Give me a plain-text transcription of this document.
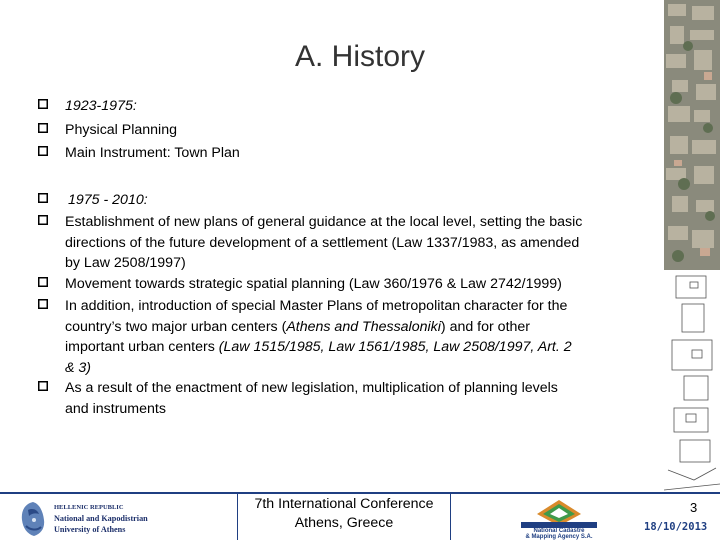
A. History
1923-1975:
Physical Planning
Main Instrument: Town Plan
1975 - 2010:
Establishment of new plans of general guidance at the local level, setting the basic
directions of the future development of a settlement (Law 1337/1983, as amended
by Law 2508/1997)
Movement towards strategic spatial planning (Law 360/1976 & Law 2742/1999)
In addition, introduction of special Master Plans of metropolitan character for the
country’s two major urban centers (Athens and Thessaloniki) and for other
important urban centers (Law 1515/1985, Law 1561/1985, Law 2508/1997, Art. 2
& 3)
As a result of the enactment of new legislation, multiplication of planning levels
and instruments
HELLENIC REPUBLIC
National and Kapodistrian
University of Athens
7th International Conference
Athens, Greece	National Cadastre
& Mapping Agency S.A.
3
18/10/2013
